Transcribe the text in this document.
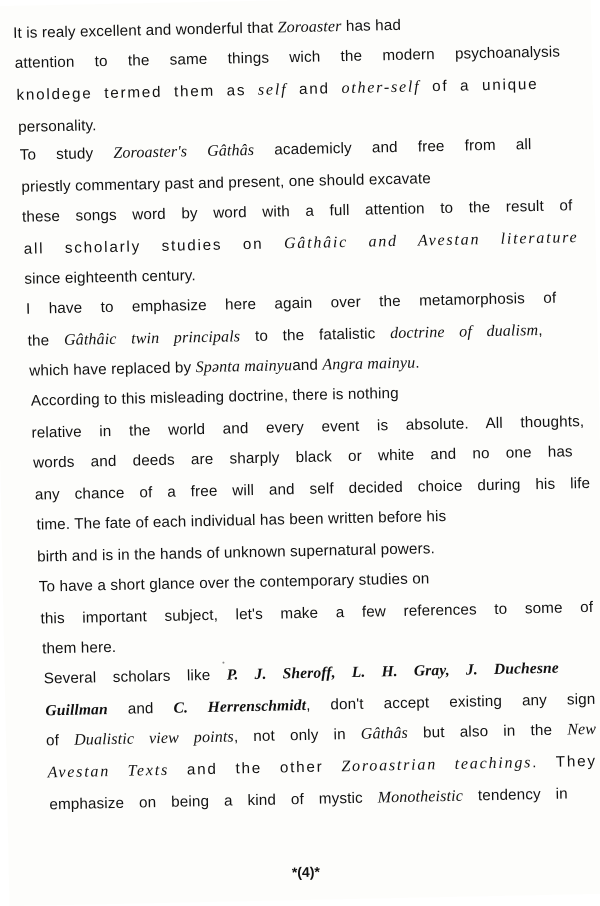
It is realy excellent and wonderful that Zoroaster has had
attention to the same things wich the modern psychoanalysis
knoldege termed them as self and other-self of a unique
personality.
To study Zoroaster's Gâthâs academicly and free from all
priestly commentary past and present, one should excavate
these songs word by word with a full attention to the result of
all scholarly studies on Gâthâic and Avestan literature
since eighteenth century.
I have to emphasize here again over the metamorphosis of
the Gâthâic twin principals to the fatalistic doctrine of dualism,
which have replaced by Spənta mainyuand Angra mainyu.
According to this misleading doctrine, there is nothing
relative in the world and every event is absolute. All thoughts,
words and deeds are sharply black or white and no one has
any chance of a free will and self decided choice during his life
time. The fate of each individual has been written before his
birth and is in the hands of unknown supernatural powers.
To have a short glance over the contemporary studies on
this important subject, let's make a few references to some of
them here.
Several scholars like P. J. Sheroff, L. H. Gray, J. Duchesne
Guillman and C. Herrenschmidt, don't accept existing any sign
of Dualistic view points, not only in Gâthâs but also in the New
Avestan Texts and the other Zoroastrian teachings. They
emphasize on being a kind of mystic Monotheistic tendency in
*(4)*
